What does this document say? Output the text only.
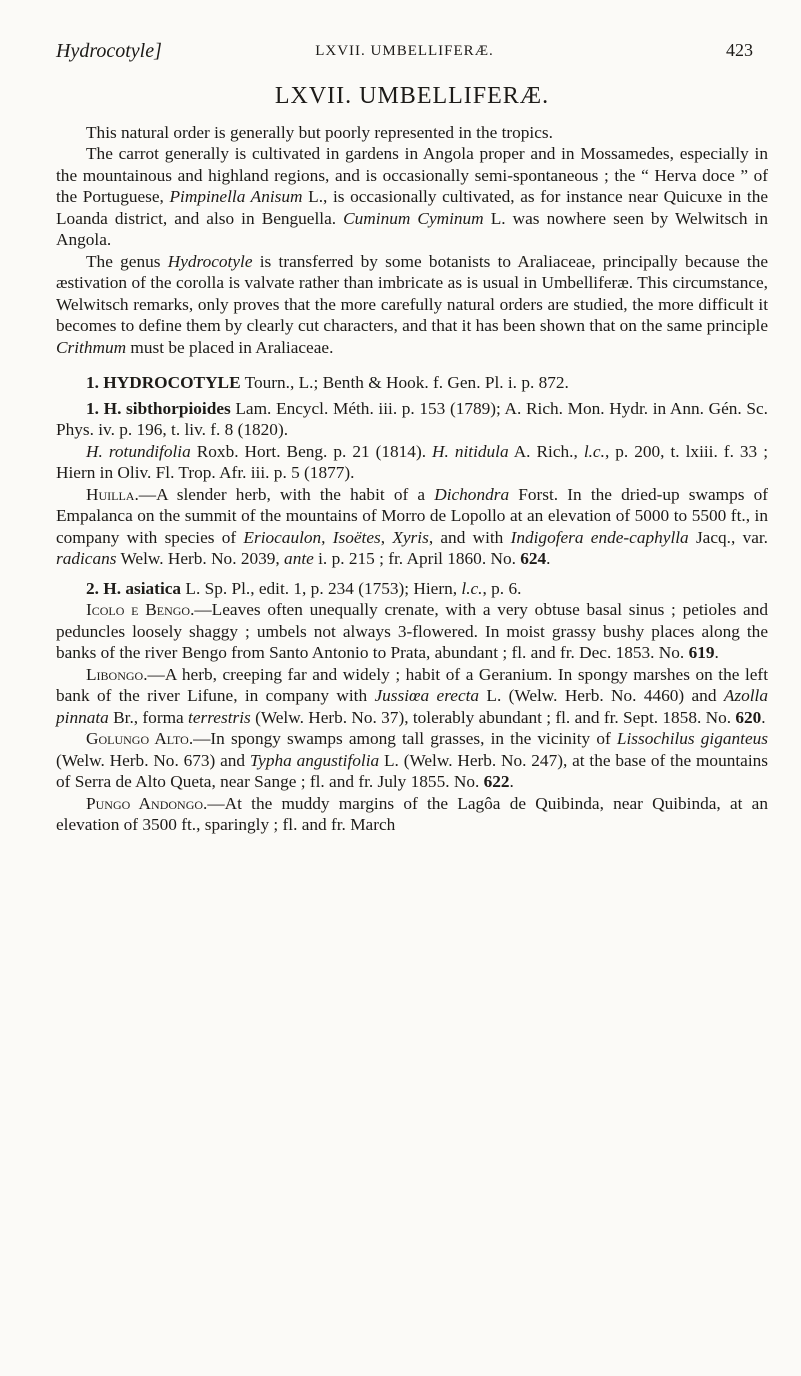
Hydrocotyle]	LXVII. UMBELLIFERÆ.	423
LXVII. UMBELLIFERÆ.

This natural order is generally but poorly represented in the tropics.

The carrot generally is cultivated in gardens in Angola proper and in Mossamedes, especially in the mountainous and highland regions, and is occasionally semi-spontaneous ; the “ Herva doce ” of the Portuguese, Pimpinella Anisum L., is occasionally cultivated, as for instance near Quicuxe in the Loanda district, and also in Benguella. Cuminum Cyminum L. was nowhere seen by Welwitsch in Angola.

The genus Hydrocotyle is transferred by some botanists to Araliaceae, principally because the æstivation of the corolla is valvate rather than imbricate as is usual in Umbelliferæ. This circumstance, Welwitsch remarks, only proves that the more carefully natural orders are studied, the more difficult it becomes to define them by clearly cut characters, and that it has been shown that on the same principle Crithmum must be placed in Araliaceae.

1. HYDROCOTYLE Tourn., L.; Benth & Hook. f. Gen. Pl. i. p. 872.

1. H. sibthorpioides Lam. Encycl. Méth. iii. p. 153 (1789); A. Rich. Mon. Hydr. in Ann. Gén. Sc. Phys. iv. p. 196, t. liv. f. 8 (1820).

H. rotundifolia Roxb. Hort. Beng. p. 21 (1814). H. nitidula A. Rich., l.c., p. 200, t. lxiii. f. 33 ; Hiern in Oliv. Fl. Trop. Afr. iii. p. 5 (1877).

Huilla.—A slender herb, with the habit of a Dichondra Forst. In the dried-up swamps of Empalanca on the summit of the mountains of Morro de Lopollo at an elevation of 5000 to 5500 ft., in company with species of Eriocaulon, Isoëtes, Xyris, and with Indigofera ende-caphylla Jacq., var. radicans Welw. Herb. No. 2039, ante i. p. 215 ; fr. April 1860. No. 624.

2. H. asiatica L. Sp. Pl., edit. 1, p. 234 (1753); Hiern, l.c., p. 6.

Icolo e Bengo.—Leaves often unequally crenate, with a very obtuse basal sinus ; petioles and peduncles loosely shaggy ; umbels not always 3-flowered. In moist grassy bushy places along the banks of the river Bengo from Santo Antonio to Prata, abundant ; fl. and fr. Dec. 1853. No. 619.

Libongo.—A herb, creeping far and widely ; habit of a Geranium. In spongy marshes on the left bank of the river Lifune, in company with Jussiœa erecta L. (Welw. Herb. No. 4460) and Azolla pinnata Br., forma terrestris (Welw. Herb. No. 37), tolerably abundant ; fl. and fr. Sept. 1858. No. 620.

Golungo Alto.—In spongy swamps among tall grasses, in the vicinity of Lissochilus giganteus (Welw. Herb. No. 673) and Typha angustifolia L. (Welw. Herb. No. 247), at the base of the mountains of Serra de Alto Queta, near Sange ; fl. and fr. July 1855. No. 622.

Pungo Andongo.—At the muddy margins of the Lagôa de Quibinda, near Quibinda, at an elevation of 3500 ft., sparingly ; fl. and fr. March
